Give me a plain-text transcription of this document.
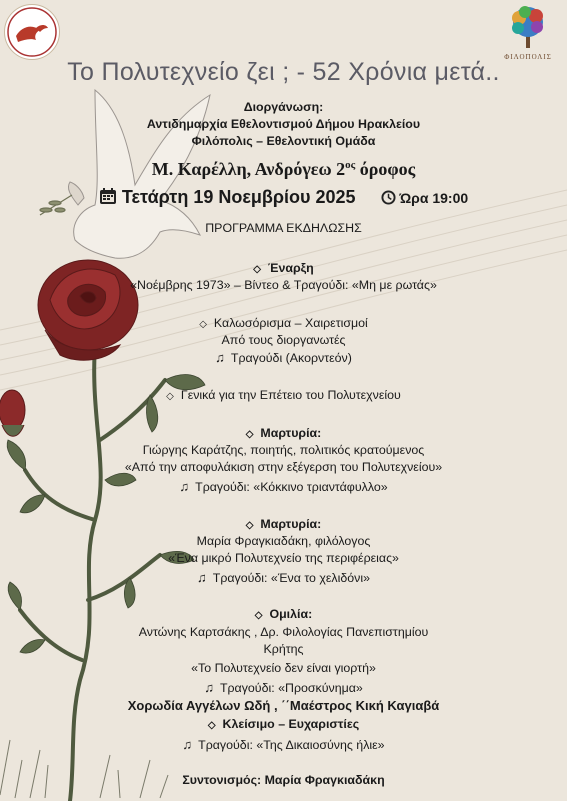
ΦΙΛΟΠΟΛΙΣ
Το Πολυτεχνείο ζει ; - 52 Χρόνια μετά..
Διοργάνωση:
Αντιδημαρχία Εθελοντισμού Δήμου Ηρακλείου
Φιλόπολις – Εθελοντική Ομάδα
Μ. Καρέλλη, Ανδρόγεω $2^{o\varsigma}$ όροφος
Τετάρτη 19 Νοεμβρίου 2025	Ώρα 19:00
ΠΡΟΓΡΑΜΜΑ ΕΚΔΗΛΩΣΗΣ
◇ Έναρξη
«Νοέμβρης 1973» – Βίντεο & Τραγούδι: «Μη με ρωτάς»
◇ Καλωσόρισμα – Χαιρετισμοί
Από τους διοργανωτές
♫ Τραγούδι (Ακορντεόν)
◇ Γενικά για την Επέτειο του Πολυτεχνείου
◇ Μαρτυρία:
Γιώργης Καράτζης, ποιητής, πολιτικός κρατούμενος
«Από την αποφυλάκιση στην εξέγερση του Πολυτεχνείου»
♫ Τραγούδι: «Κόκκινο τριαντάφυλλο»
◇ Μαρτυρία:
Μαρία Φραγκιαδάκη, φιλόλογος
«Ένα μικρό Πολυτεχνείο της περιφέρειας»
♫ Τραγούδι: «Ένα το χελιδόνι»
◇ Ομιλία:
Αντώνης Καρτσάκης , Δρ. Φιλολογίας Πανεπιστημίου
Κρήτης
«Το Πολυτεχνείο δεν είναι γιορτή»
♫ Τραγούδι: «Προσκύνημα»
Χορωδία Αγγέλων Ωδή , ΄΄Μαέστρος Κική Καγιαβά
◇ Κλείσιμο – Ευχαριστίες
♫ Τραγούδι: «Της Δικαιοσύνης ήλιε»
Συντονισμός: Μαρία Φραγκιαδάκη
